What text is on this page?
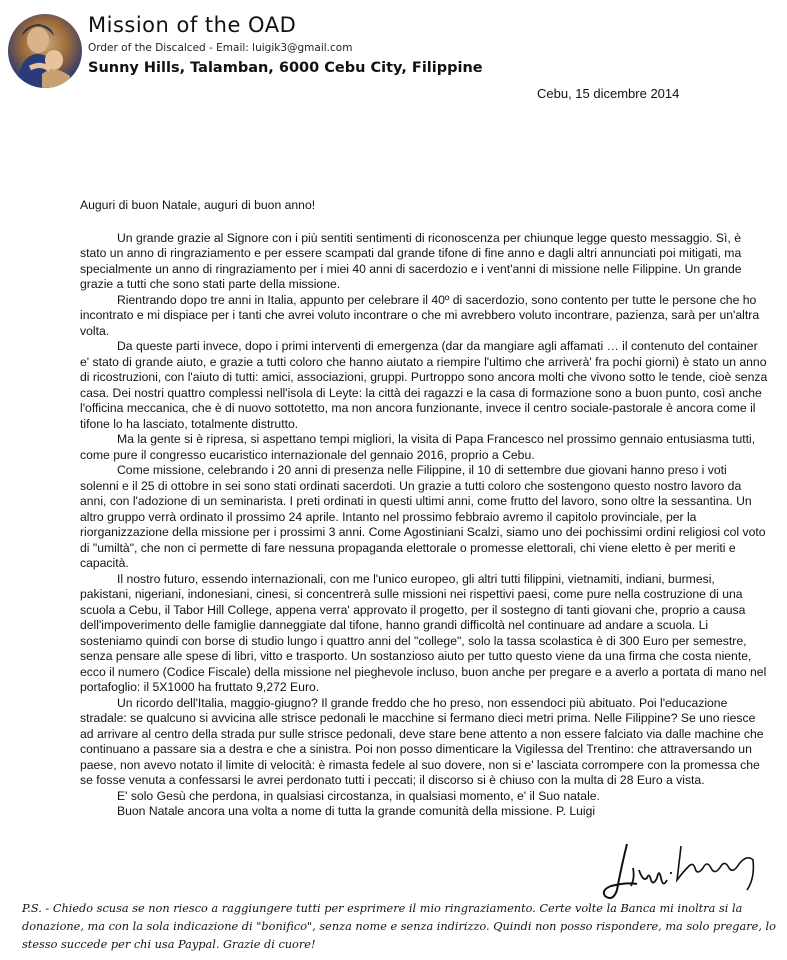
Mission of the OAD
Order of the Discalced - Email: luigik3@gmail.com
Sunny Hills, Talamban, 6000 Cebu City, Filippine
Cebu, 15 dicembre 2014

Auguri di buon Natale, auguri di buon anno!

Un grande grazie al Signore con i più sentiti sentimenti di riconoscenza per chiunque legge questo messaggio. Sì, è stato un anno di ringraziamento e per essere scampati dal grande tifone di fine anno e dagli altri annunciati poi mitigati, ma specialmente un anno di ringraziamento per i miei 40 anni di sacerdozio e i vent'anni di missione nelle Filippine. Un grande grazie a tutti che sono stati parte della missione.

Rientrando dopo tre anni in Italia, appunto per celebrare il 40º di sacerdozio, sono contento per tutte le persone che ho incontrato e mi dispiace per i tanti che avrei voluto incontrare o che mi avrebbero voluto incontrare, pazienza, sarà per un'altra volta.

Da queste parti invece, dopo i primi interventi di emergenza (dar da mangiare agli affamati … il contenuto del container e' stato di grande aiuto, e grazie a tutti coloro che hanno aiutato a riempire l'ultimo che arriverà' fra pochi giorni) è stato un anno di ricostruzioni, con l'aiuto di tutti: amici, associazioni, gruppi. Purtroppo sono ancora molti che vivono sotto le tende, cioè senza casa. Dei nostri quattro complessi nell'isola di Leyte: la città dei ragazzi e la casa di formazione sono a buon punto, così anche l'officina meccanica, che è di nuovo sottotetto, ma non ancora funzionante, invece il centro sociale-pastorale è ancora come il tifone lo ha lasciato, totalmente distrutto.

Ma la gente si è ripresa, si aspettano tempi migliori, la visita di Papa Francesco nel prossimo gennaio entusiasma tutti, come pure il congresso eucaristico internazionale del gennaio 2016, proprio a Cebu.

Come missione, celebrando i 20 anni di presenza nelle Filippine, il 10 di settembre due giovani hanno preso i voti solenni e il 25 di ottobre in sei sono stati ordinati sacerdoti. Un grazie a tutti coloro che sostengono questo nostro lavoro da anni, con l'adozione di un seminarista. I preti ordinati in questi ultimi anni, come frutto del lavoro, sono oltre la sessantina. Un altro gruppo verrà ordinato il prossimo 24 aprile. Intanto nel prossimo febbraio avremo il capitolo provinciale, per la riorganizzazione della missione per i prossimi 3 anni. Come Agostiniani Scalzi, siamo uno dei pochissimi ordini religiosi col voto di "umiltà", che non ci permette di fare nessuna propaganda elettorale o promesse elettorali, chi viene eletto è per meriti e capacità.

Il nostro futuro, essendo internazionali, con me l'unico europeo, gli altri tutti filippini, vietnamiti, indiani, burmesi, pakistani, nigeriani, indonesiani, cinesi, si concentrerà sulle missioni nei rispettivi paesi, come pure nella costruzione di una scuola a Cebu, il Tabor Hill College, appena verra' approvato il progetto, per il sostegno di tanti giovani che, proprio a causa dell'impoverimento delle famiglie danneggiate dal tifone, hanno grandi difficoltà nel continuare ad andare a scuola. Li sosteniamo quindi con borse di studio lungo i quattro anni del "college", solo la tassa scolastica è di 300 Euro per semestre, senza pensare alle spese di libri, vitto e trasporto. Un sostanzioso aiuto per tutto questo viene da una firma che costa niente, ecco il numero (Codice Fiscale) della missione nel pieghevole incluso, buon anche per pregare e a averlo a portata di mano nel portafoglio: il 5X1000 ha fruttato 9,272 Euro.

Un ricordo dell'Italia, maggio-giugno? Il grande freddo che ho preso, non essendoci più abituato. Poi l'educazione stradale: se qualcuno si avvicina alle strisce pedonali le macchine si fermano dieci metri prima. Nelle Filippine? Se uno riesce ad arrivare al centro della strada pur sulle strisce pedonali, deve stare bene attento a non essere falciato via dalle machine che continuano a passare sia a destra e che a sinistra. Poi non posso dimenticare la Vigilessa del Trentino: che attraversando un paese, non avevo notato il limite di velocità: è rimasta fedele al suo dovere, non si e' lasciata corrompere con la promessa che se fosse venuta a confessarsi le avrei perdonato tutti i peccati; il discorso si è chiuso con la multa di 28 Euro a vista.

E' solo Gesù che perdona, in qualsiasi circostanza, in qualsiasi momento, e' il Suo natale.

Buon Natale ancora una volta a nome di tutta la grande comunità della missione. P. Luigi

P.S. - Chiedo scusa se non riesco a raggiungere tutti per esprimere il mio ringraziamento. Certe volte la Banca mi inoltra si la donazione, ma con la sola indicazione di "bonifico", senza nome e senza indirizzo. Quindi non posso rispondere, ma solo pregare, lo stesso succede per chi usa Paypal. Grazie di cuore!
